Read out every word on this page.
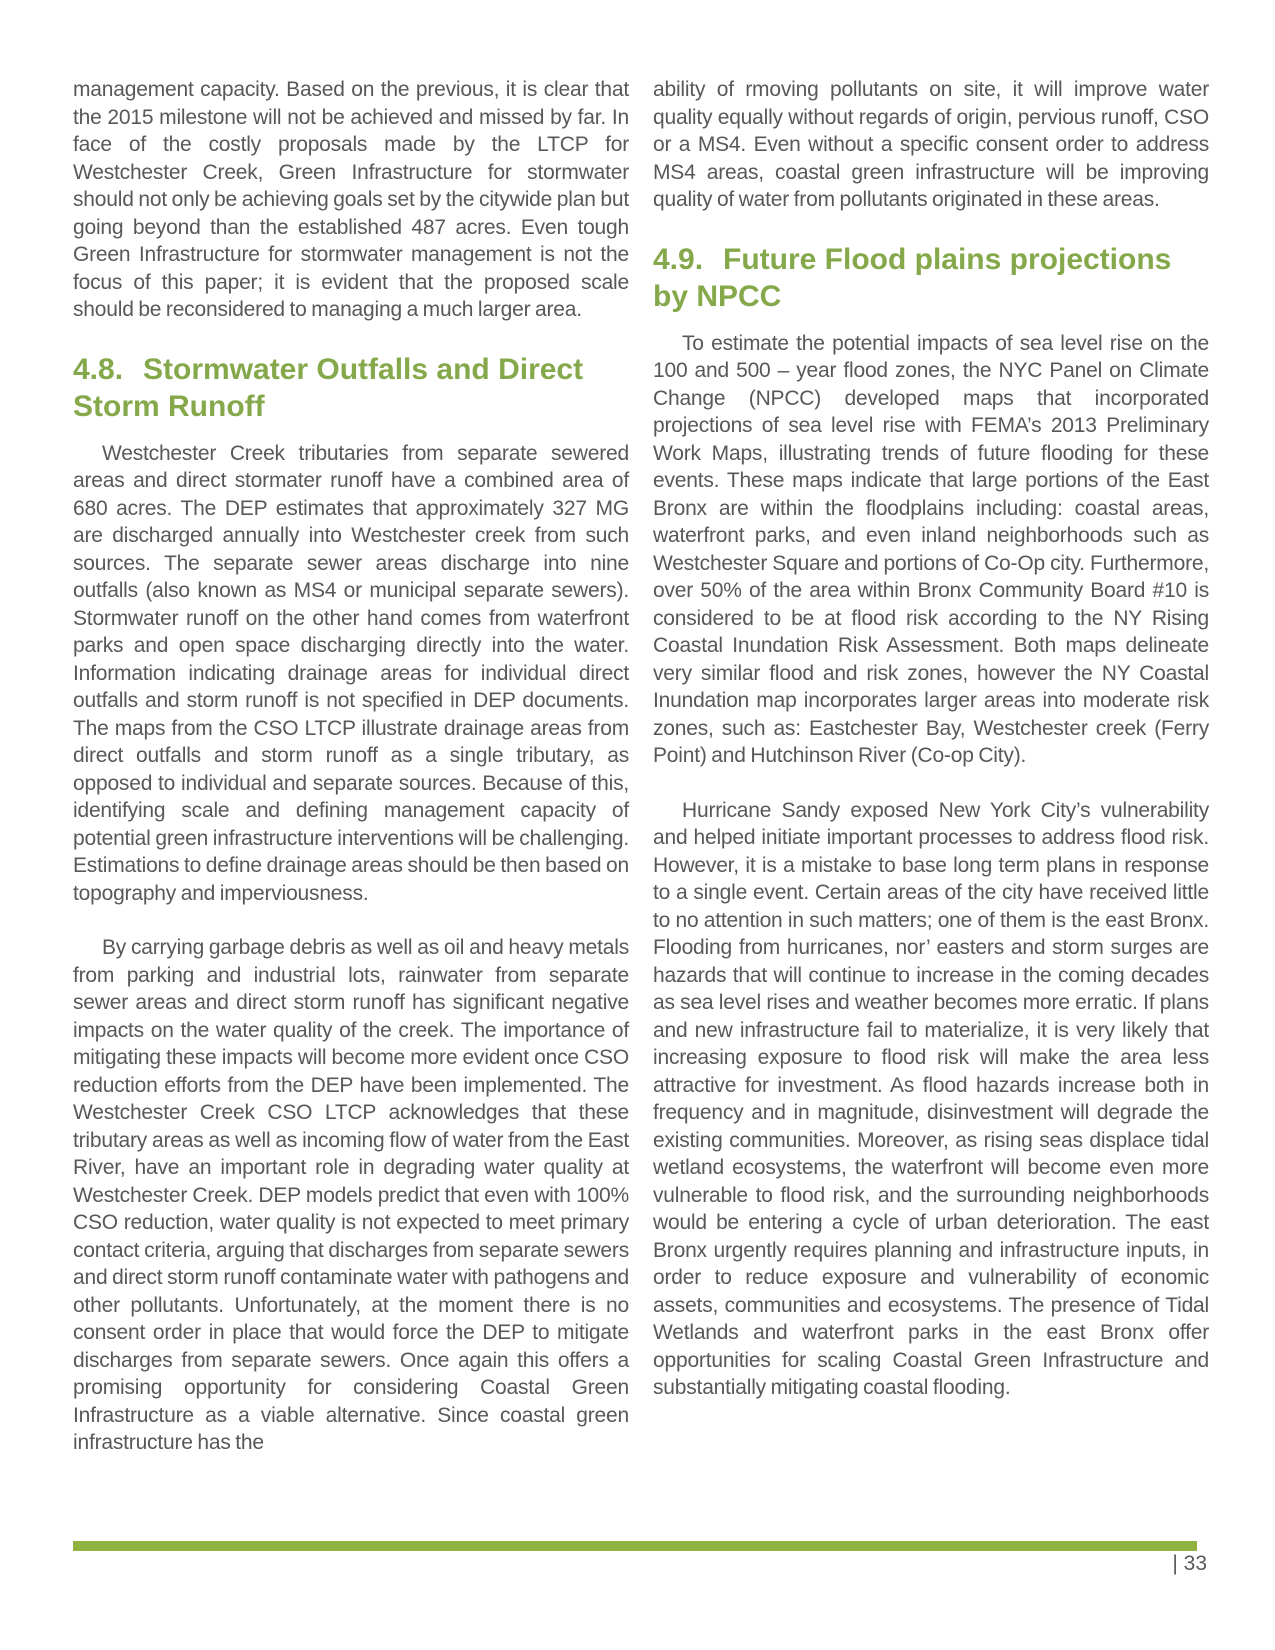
management capacity. Based on the previous, it is clear that the 2015 milestone will not be achieved and missed by far. In face of the costly proposals made by the LTCP for Westchester Creek, Green Infrastructure for stormwater should not only be achieving goals set by the citywide plan but going beyond than the established 487 acres. Even tough Green Infrastructure for stormwater management is not the focus of this paper; it is evident that the proposed scale should be reconsidered to managing a much larger area.

4.8. Stormwater Outfalls and Direct Storm Runoff

Westchester Creek tributaries from separate sewered areas and direct stormater runoff have a combined area of 680 acres. The DEP estimates that approximately 327 MG are discharged annually into Westchester creek from such sources. The separate sewer areas discharge into nine outfalls (also known as MS4 or municipal separate sewers). Stormwater runoff on the other hand comes from waterfront parks and open space discharging directly into the water. Information indicating drainage areas for individual direct outfalls and storm runoff is not specified in DEP documents. The maps from the CSO LTCP illustrate drainage areas from direct outfalls and storm runoff as a single tributary, as opposed to individual and separate sources. Because of this, identifying scale and defining management capacity of potential green infrastructure interventions will be challenging. Estimations to define drainage areas should be then based on topography and imperviousness.

By carrying garbage debris as well as oil and heavy metals from parking and industrial lots, rainwater from separate sewer areas and direct storm runoff has significant negative impacts on the water quality of the creek. The importance of mitigating these impacts will become more evident once CSO reduction efforts from the DEP have been implemented. The Westchester Creek CSO LTCP acknowledges that these tributary areas as well as incoming flow of water from the East River, have an important role in degrading water quality at Westchester Creek. DEP models predict that even with 100% CSO reduction, water quality is not expected to meet primary contact criteria, arguing that discharges from separate sewers and direct storm runoff contaminate water with pathogens and other pollutants. Unfortunately, at the moment there is no consent order in place that would force the DEP to mitigate discharges from separate sewers. Once again this offers a promising opportunity for considering Coastal Green Infrastructure as a viable alternative. Since coastal green infrastructure has the

ability of rmoving pollutants on site, it will improve water quality equally without regards of origin, pervious runoff, CSO or a MS4. Even without a specific consent order to address MS4 areas, coastal green infrastructure will be improving quality of water from pollutants originated in these areas.

4.9. Future Flood plains projections by NPCC

To estimate the potential impacts of sea level rise on the 100 and 500 – year flood zones, the NYC Panel on Climate Change (NPCC) developed maps that incorporated projections of sea level rise with FEMA’s 2013 Preliminary Work Maps, illustrating trends of future flooding for these events. These maps indicate that large portions of the East Bronx are within the floodplains including: coastal areas, waterfront parks, and even inland neighborhoods such as Westchester Square and portions of Co-Op city. Furthermore, over 50% of the area within Bronx Community Board #10 is considered to be at flood risk according to the NY Rising Coastal Inundation Risk Assessment. Both maps delineate very similar flood and risk zones, however the NY Coastal Inundation map incorporates larger areas into moderate risk zones, such as: Eastchester Bay, Westchester creek (Ferry Point) and Hutchinson River (Co-op City).

Hurricane Sandy exposed New York City’s vulnerability and helped initiate important processes to address flood risk. However, it is a mistake to base long term plans in response to a single event. Certain areas of the city have received little to no attention in such matters; one of them is the east Bronx. Flooding from hurricanes, nor’ easters and storm surges are hazards that will continue to increase in the coming decades as sea level rises and weather becomes more erratic. If plans and new infrastructure fail to materialize, it is very likely that increasing exposure to flood risk will make the area less attractive for investment. As flood hazards increase both in frequency and in magnitude, disinvestment will degrade the existing communities. Moreover, as rising seas displace tidal wetland ecosystems, the waterfront will become even more vulnerable to flood risk, and the surrounding neighborhoods would be entering a cycle of urban deterioration. The east Bronx urgently requires planning and infrastructure inputs, in order to reduce exposure and vulnerability of economic assets, communities and ecosystems. The presence of Tidal Wetlands and waterfront parks in the east Bronx offer opportunities for scaling Coastal Green Infrastructure and substantially mitigating coastal flooding.

| 33
